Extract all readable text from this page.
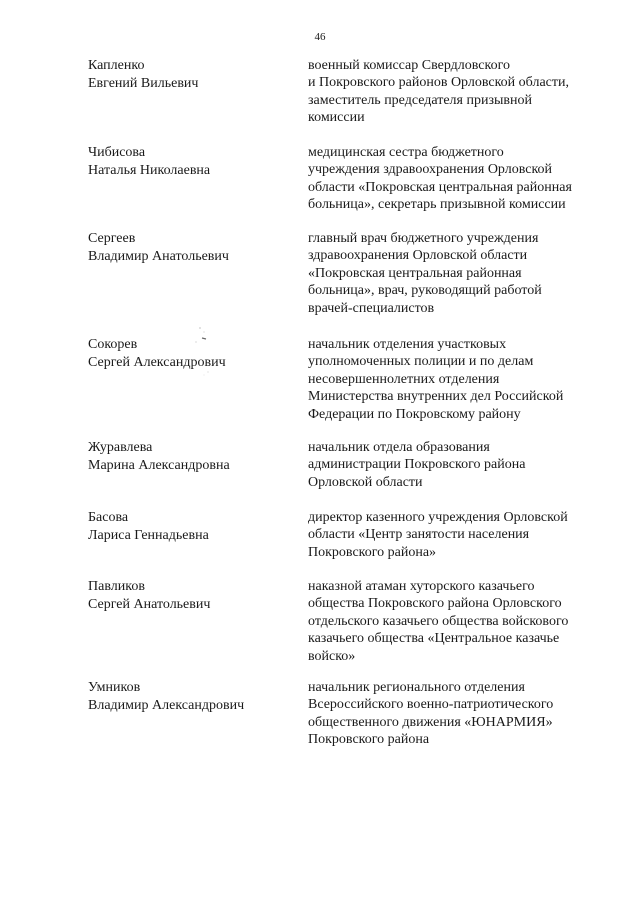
46
Капленко
Евгений Вильевич
военный комиссар Свердловского
и Покровского районов Орловской области,
заместитель председателя призывной
комиссии
Чибисова
Наталья Николаевна
медицинская сестра бюджетного
учреждения здравоохранения Орловской
области «Покровская центральная районная
больница», секретарь призывной комиссии
Сергеев
Владимир Анатольевич
главный врач бюджетного учреждения
здравоохранения Орловской области
«Покровская центральная районная
больница», врач, руководящий работой
врачей-специалистов
Сокорев
Сергей Александрович
начальник отделения участковых
уполномоченных полиции и по делам
несовершеннолетних отделения
Министерства внутренних дел Российской
Федерации по Покровскому району
Журавлева
Марина Александровна
начальник отдела образования
администрации Покровского района
Орловской области
Басова
Лариса Геннадьевна
директор казенного учреждения Орловской
области «Центр занятости населения
Покровского района»
Павликов
Сергей Анатольевич
наказной атаман хуторского казачьего
общества Покровского района Орловского
отдельского казачьего общества войскового
казачьего общества «Центральное казачье
войско»
Умников
Владимир Александрович
начальник регионального отделения
Всероссийского военно-патриотического
общественного движения «ЮНАРМИЯ»
Покровского района
